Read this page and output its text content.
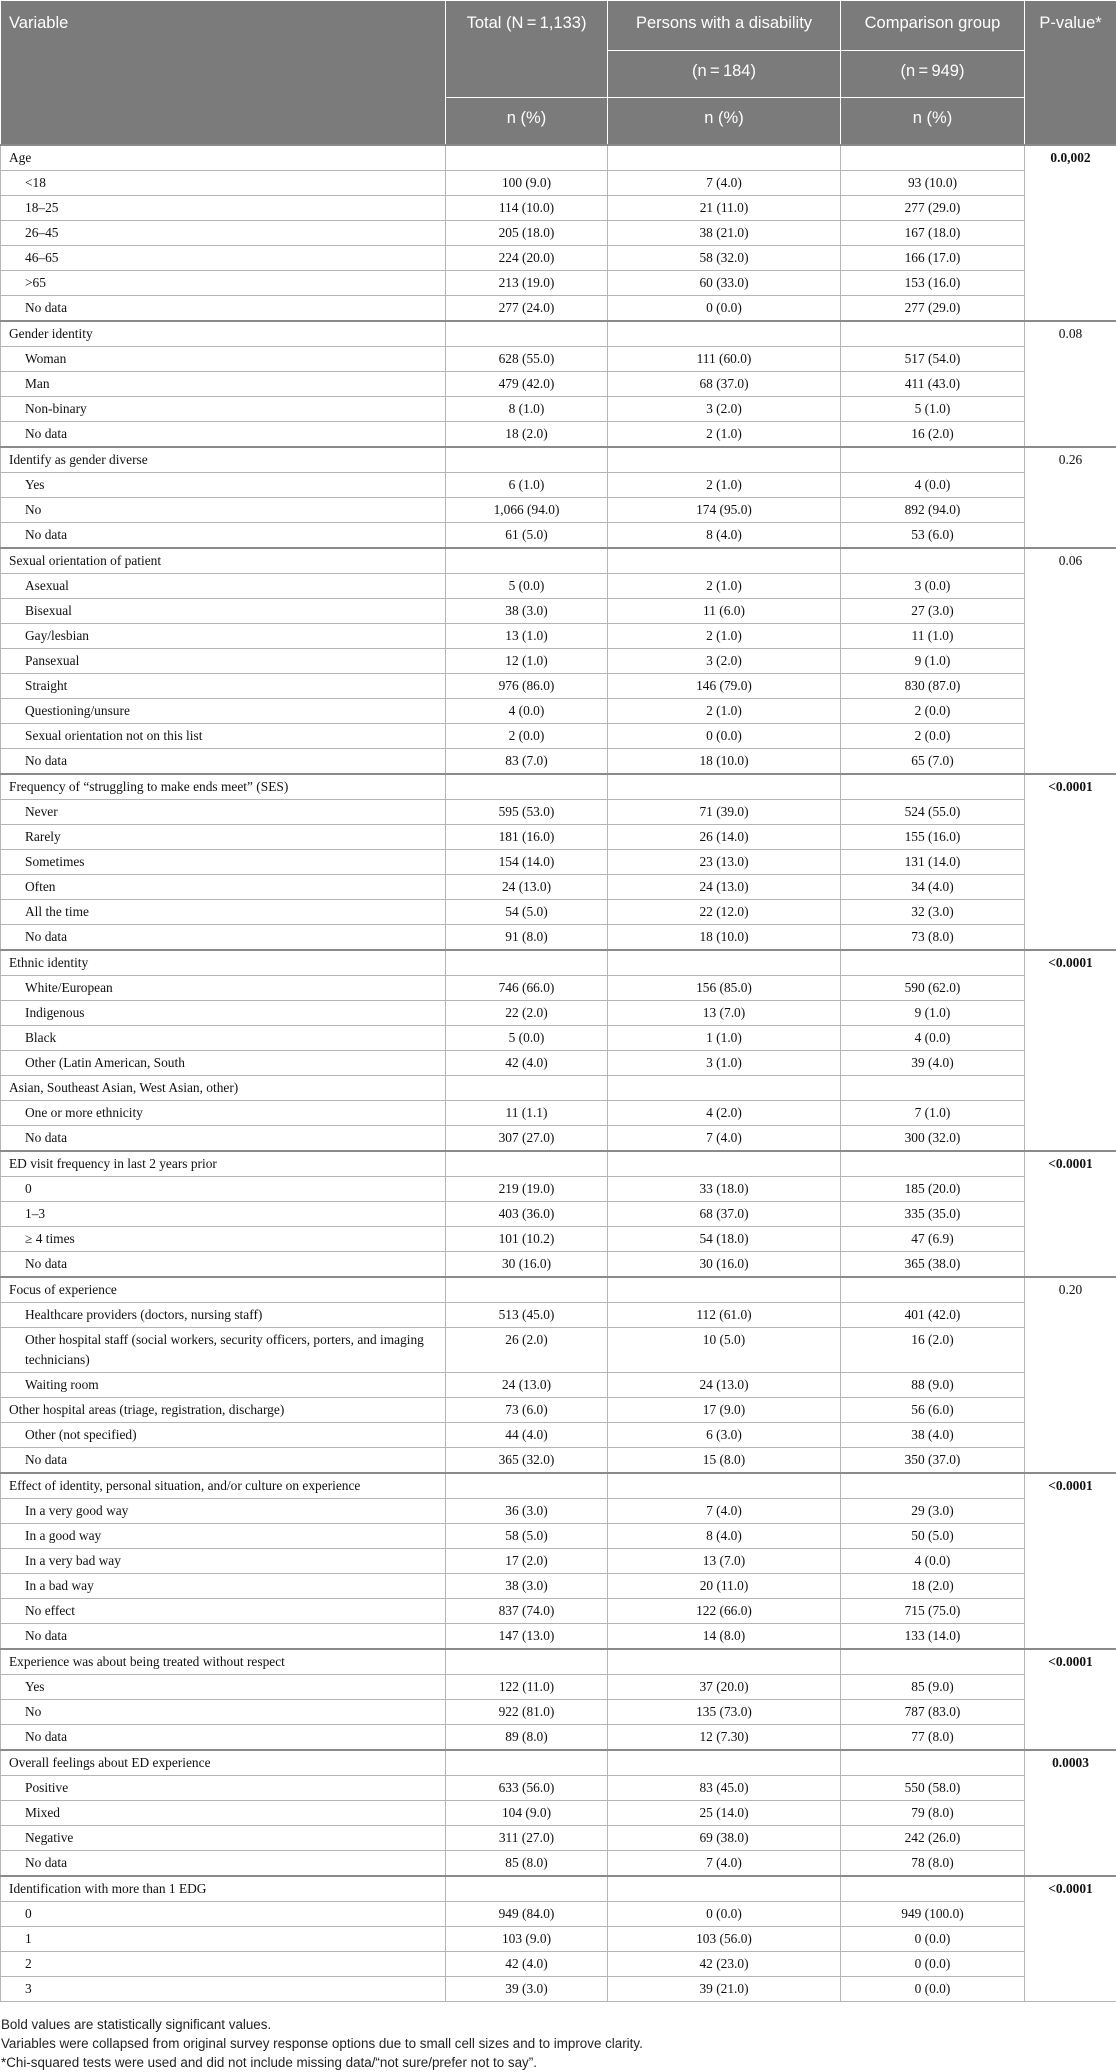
Variable	Total (N = 1,133)	Persons with a disability	Comparison group	P-value*
		(n = 184)	(n = 949)	
	n (%)	n (%)	n (%)	
Age				0.0,002
<18	100 (9.0)	7 (4.0)	93 (10.0)	
18–25	114 (10.0)	21 (11.0)	277 (29.0)	
26–45	205 (18.0)	38 (21.0)	167 (18.0)	
46–65	224 (20.0)	58 (32.0)	166 (17.0)	
>65	213 (19.0)	60 (33.0)	153 (16.0)	
No data	277 (24.0)	0 (0.0)	277 (29.0)	
Gender identity				0.08
Woman	628 (55.0)	111 (60.0)	517 (54.0)	
Man	479 (42.0)	68 (37.0)	411 (43.0)	
Non-binary	8 (1.0)	3 (2.0)	5 (1.0)	
No data	18 (2.0)	2 (1.0)	16 (2.0)	
Identify as gender diverse				0.26
Yes	6 (1.0)	2 (1.0)	4 (0.0)	
No	1,066 (94.0)	174 (95.0)	892 (94.0)	
No data	61 (5.0)	8 (4.0)	53 (6.0)	
Sexual orientation of patient				0.06
Asexual	5 (0.0)	2 (1.0)	3 (0.0)	
Bisexual	38 (3.0)	11 (6.0)	27 (3.0)	
Gay/lesbian	13 (1.0)	2 (1.0)	11 (1.0)	
Pansexual	12 (1.0)	3 (2.0)	9 (1.0)	
Straight	976 (86.0)	146 (79.0)	830 (87.0)	
Questioning/unsure	4 (0.0)	2 (1.0)	2 (0.0)	
Sexual orientation not on this list	2 (0.0)	0 (0.0)	2 (0.0)	
No data	83 (7.0)	18 (10.0)	65 (7.0)	
Frequency of “struggling to make ends meet” (SES)				<0.0001
Never	595 (53.0)	71 (39.0)	524 (55.0)	
Rarely	181 (16.0)	26 (14.0)	155 (16.0)	
Sometimes	154 (14.0)	23 (13.0)	131 (14.0)	
Often	24 (13.0)	24 (13.0)	34 (4.0)	
All the time	54 (5.0)	22 (12.0)	32 (3.0)	
No data	91 (8.0)	18 (10.0)	73 (8.0)	
Ethnic identity				<0.0001
White/European	746 (66.0)	156 (85.0)	590 (62.0)	
Indigenous	22 (2.0)	13 (7.0)	9 (1.0)	
Black	5 (0.0)	1 (1.0)	4 (0.0)	
Other (Latin American, South	42 (4.0)	3 (1.0)	39 (4.0)	
Asian, Southeast Asian, West Asian, other)				
One or more ethnicity	11 (1.1)	4 (2.0)	7 (1.0)	
No data	307 (27.0)	7 (4.0)	300 (32.0)	
ED visit frequency in last 2 years prior				<0.0001
0	219 (19.0)	33 (18.0)	185 (20.0)	
1–3	403 (36.0)	68 (37.0)	335 (35.0)	
≥ 4 times	101 (10.2)	54 (18.0)	47 (6.9)	
No data	30 (16.0)	30 (16.0)	365 (38.0)	
Focus of experience				0.20
Healthcare providers (doctors, nursing staff)	513 (45.0)	112 (61.0)	401 (42.0)	
Other hospital staff (social workers, security officers, porters, and imaging technicians)	26 (2.0)	10 (5.0)	16 (2.0)	
Waiting room	24 (13.0)	24 (13.0)	88 (9.0)	
Other hospital areas (triage, registration, discharge)	73 (6.0)	17 (9.0)	56 (6.0)	
Other (not specified)	44 (4.0)	6 (3.0)	38 (4.0)	
No data	365 (32.0)	15 (8.0)	350 (37.0)	
Effect of identity, personal situation, and/or culture on experience				<0.0001
In a very good way	36 (3.0)	7 (4.0)	29 (3.0)	
In a good way	58 (5.0)	8 (4.0)	50 (5.0)	
In a very bad way	17 (2.0)	13 (7.0)	4 (0.0)	
In a bad way	38 (3.0)	20 (11.0)	18 (2.0)	
No effect	837 (74.0)	122 (66.0)	715 (75.0)	
No data	147 (13.0)	14 (8.0)	133 (14.0)	
Experience was about being treated without respect				<0.0001
Yes	122 (11.0)	37 (20.0)	85 (9.0)	
No	922 (81.0)	135 (73.0)	787 (83.0)	
No data	89 (8.0)	12 (7.30)	77 (8.0)	
Overall feelings about ED experience				0.0003
Positive	633 (56.0)	83 (45.0)	550 (58.0)	
Mixed	104 (9.0)	25 (14.0)	79 (8.0)	
Negative	311 (27.0)	69 (38.0)	242 (26.0)	
No data	85 (8.0)	7 (4.0)	78 (8.0)	
Identification with more than 1 EDG				<0.0001
0	949 (84.0)	0 (0.0)	949 (100.0)	
1	103 (9.0)	103 (56.0)	0 (0.0)	
2	42 (4.0)	42 (23.0)	0 (0.0)	
3	39 (3.0)	39 (21.0)	0 (0.0)	
Bold values are statistically significant values.
Variables were collapsed from original survey response options due to small cell sizes and to improve clarity.
*Chi-squared tests were used and did not include missing data/“not sure/prefer not to say”.
